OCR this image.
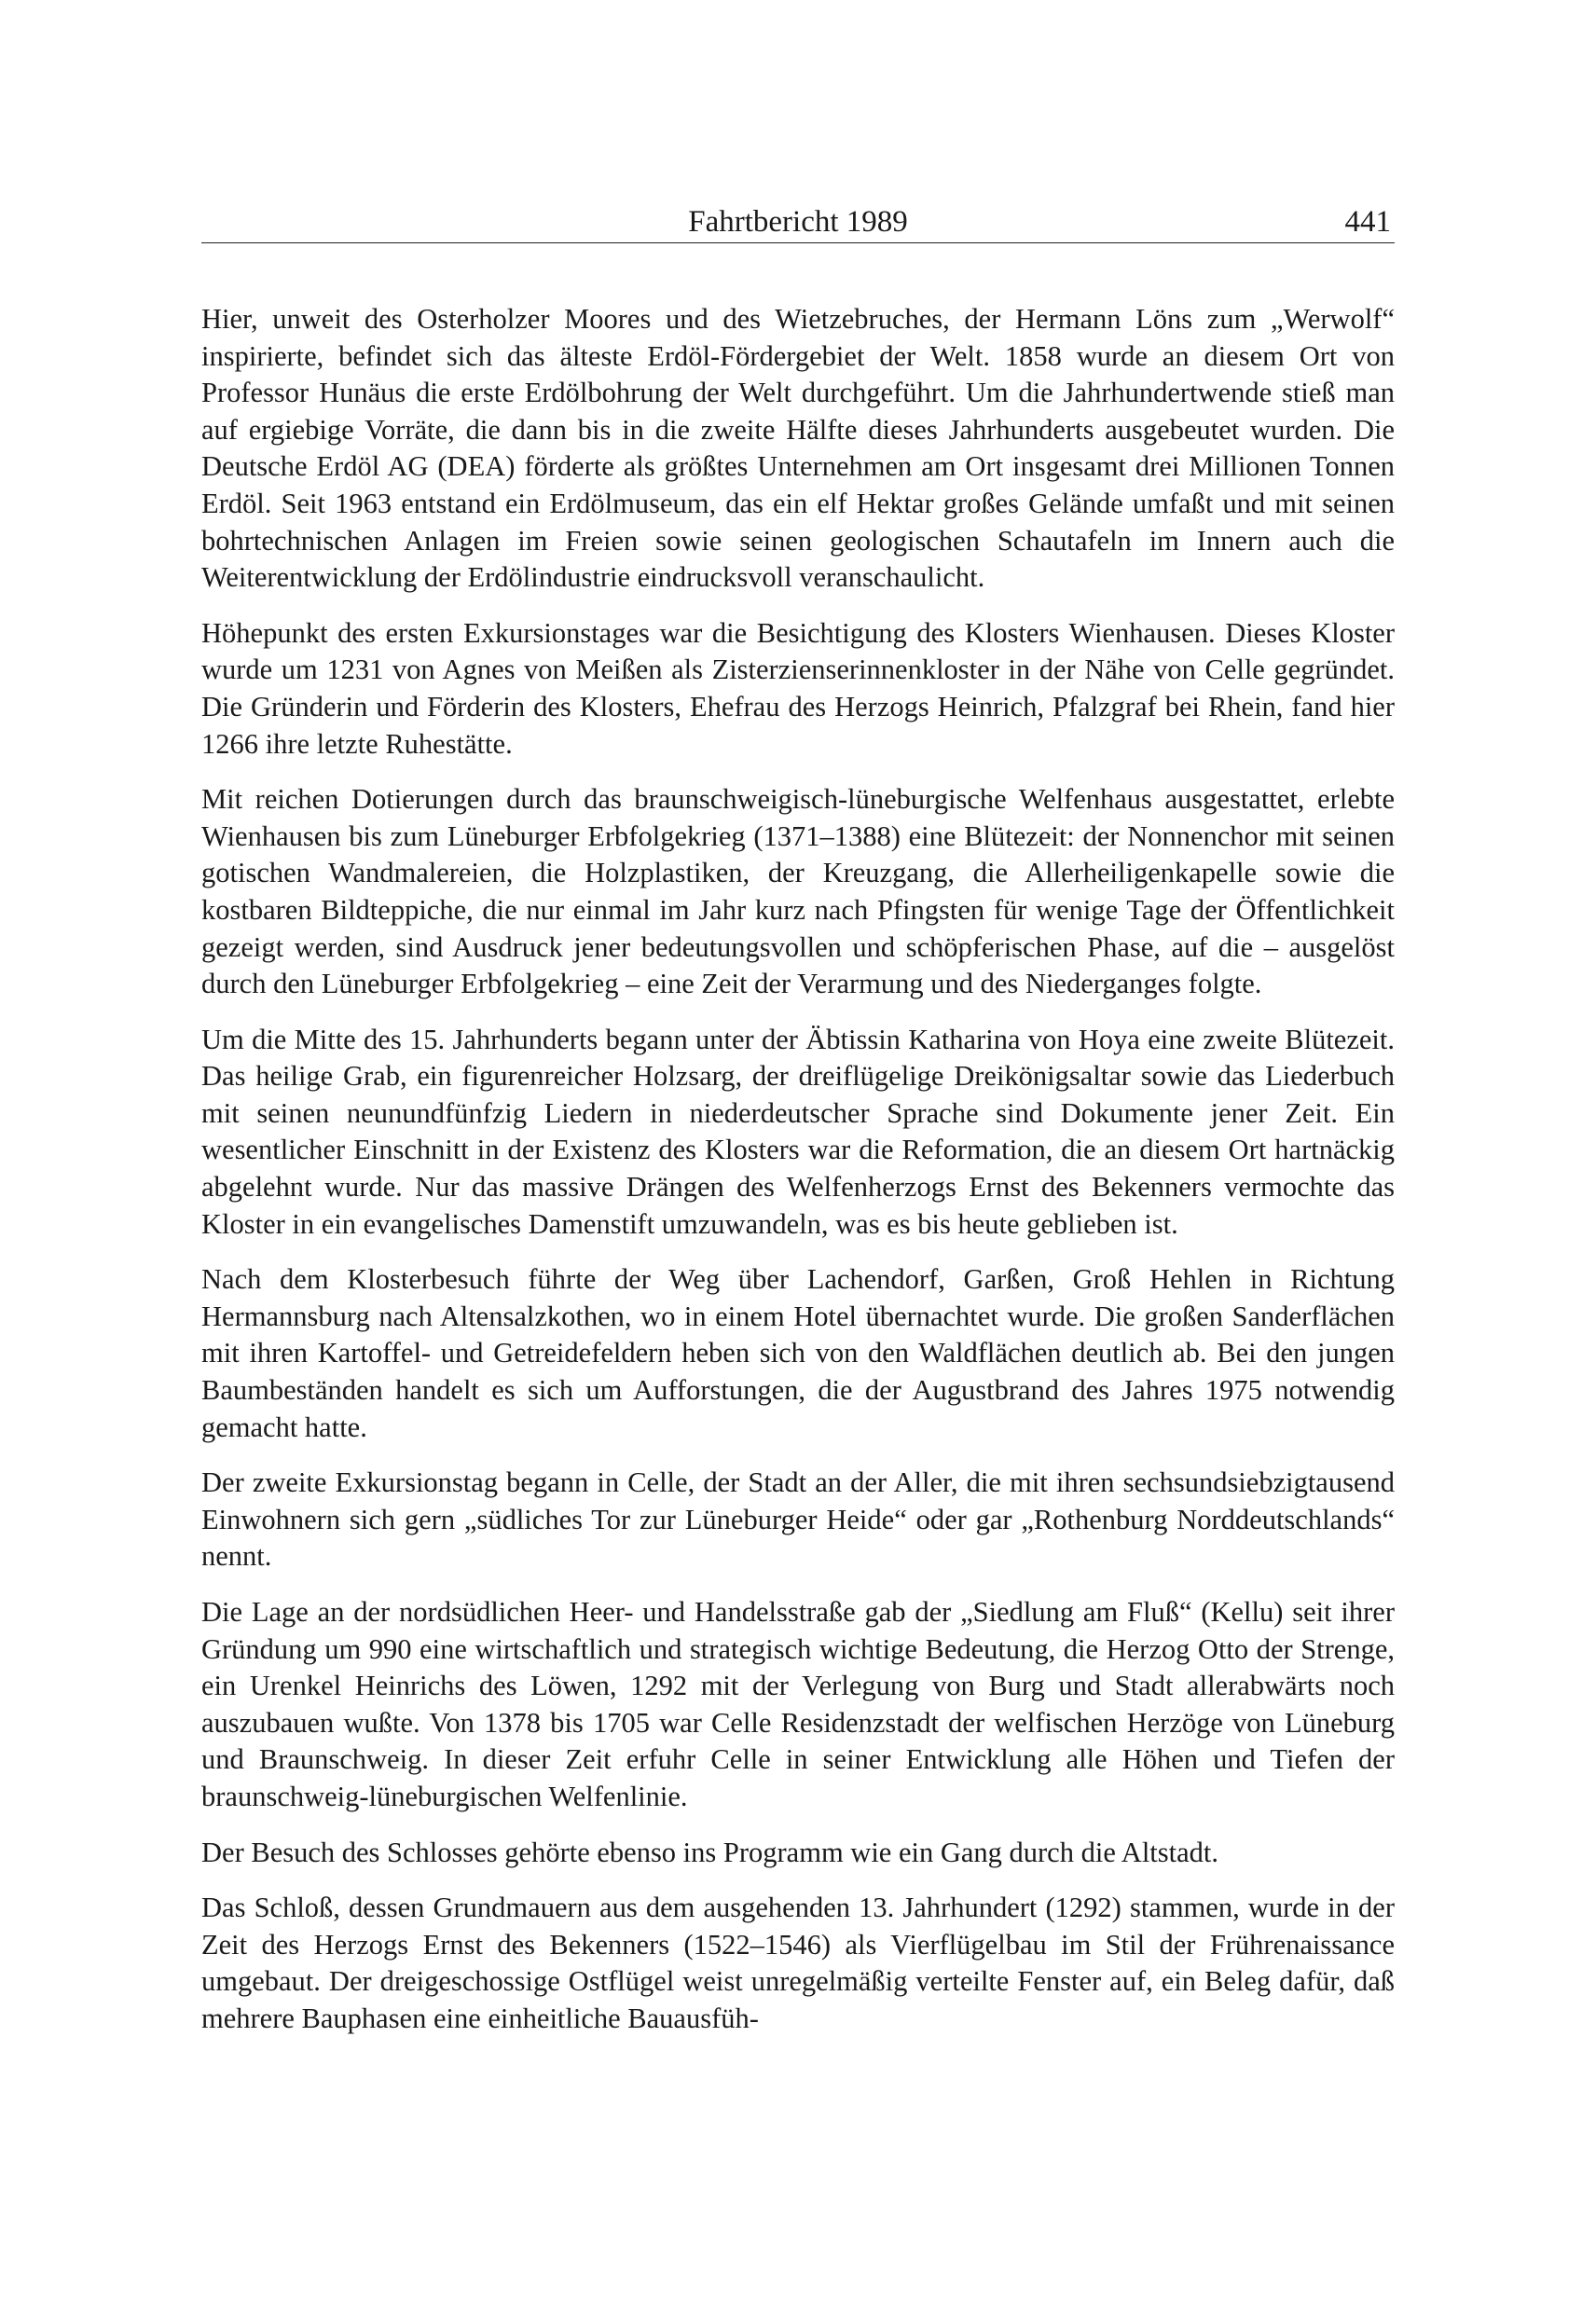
Fahrtbericht 1989	441

Hier, unweit des Osterholzer Moores und des Wietzebruches, der Hermann Löns zum „Werwolf“ inspirierte, befindet sich das älteste Erdöl-Fördergebiet der Welt. 1858 wurde an diesem Ort von Professor Hunäus die erste Erdölbohrung der Welt durchgeführt. Um die Jahrhundertwende stieß man auf ergiebige Vorräte, die dann bis in die zweite Hälfte dieses Jahrhunderts ausgebeutet wurden. Die Deutsche Erdöl AG (DEA) förderte als größtes Unternehmen am Ort insgesamt drei Millionen Tonnen Erdöl. Seit 1963 entstand ein Erdölmuseum, das ein elf Hektar großes Gelände umfaßt und mit seinen bohrtechnischen Anlagen im Freien sowie seinen geologischen Schautafeln im Innern auch die Weiterentwicklung der Erdölindustrie eindrucksvoll veranschaulicht.

Höhepunkt des ersten Exkursionstages war die Besichtigung des Klosters Wienhausen. Dieses Kloster wurde um 1231 von Agnes von Meißen als Zisterzienserinnenkloster in der Nähe von Celle gegründet. Die Gründerin und Förderin des Klosters, Ehefrau des Herzogs Heinrich, Pfalzgraf bei Rhein, fand hier 1266 ihre letzte Ruhestätte.

Mit reichen Dotierungen durch das braunschweigisch-lüneburgische Welfenhaus ausgestattet, erlebte Wienhausen bis zum Lüneburger Erbfolgekrieg (1371–1388) eine Blütezeit: der Nonnenchor mit seinen gotischen Wandmalereien, die Holzplastiken, der Kreuzgang, die Allerheiligenkapelle sowie die kostbaren Bildteppiche, die nur einmal im Jahr kurz nach Pfingsten für wenige Tage der Öffentlichkeit gezeigt werden, sind Ausdruck jener bedeutungsvollen und schöpferischen Phase, auf die – ausgelöst durch den Lüneburger Erbfolgekrieg – eine Zeit der Verarmung und des Niederganges folgte.

Um die Mitte des 15. Jahrhunderts begann unter der Äbtissin Katharina von Hoya eine zweite Blütezeit. Das heilige Grab, ein figurenreicher Holzsarg, der dreiflügelige Dreikönigsaltar sowie das Liederbuch mit seinen neunundfünfzig Liedern in niederdeutscher Sprache sind Dokumente jener Zeit. Ein wesentlicher Einschnitt in der Existenz des Klosters war die Reformation, die an diesem Ort hartnäckig abgelehnt wurde. Nur das massive Drängen des Welfenherzogs Ernst des Bekenners vermochte das Kloster in ein evangelisches Damenstift umzuwandeln, was es bis heute geblieben ist.

Nach dem Klosterbesuch führte der Weg über Lachendorf, Garßen, Groß Hehlen in Richtung Hermannsburg nach Altensalzkothen, wo in einem Hotel übernachtet wurde. Die großen Sanderflächen mit ihren Kartoffel- und Getreidefeldern heben sich von den Waldflächen deutlich ab. Bei den jungen Baumbeständen handelt es sich um Aufforstungen, die der Augustbrand des Jahres 1975 notwendig gemacht hatte.

Der zweite Exkursionstag begann in Celle, der Stadt an der Aller, die mit ihren sechsundsiebzigtausend Einwohnern sich gern „südliches Tor zur Lüneburger Heide“ oder gar „Rothenburg Norddeutschlands“ nennt.

Die Lage an der nordsüdlichen Heer- und Handelsstraße gab der „Siedlung am Fluß“ (Kellu) seit ihrer Gründung um 990 eine wirtschaftlich und strategisch wichtige Bedeutung, die Herzog Otto der Strenge, ein Urenkel Heinrichs des Löwen, 1292 mit der Verlegung von Burg und Stadt allerabwärts noch auszubauen wußte. Von 1378 bis 1705 war Celle Residenzstadt der welfischen Herzöge von Lüneburg und Braunschweig. In dieser Zeit erfuhr Celle in seiner Entwicklung alle Höhen und Tiefen der braunschweig-lüneburgischen Welfenlinie.

Der Besuch des Schlosses gehörte ebenso ins Programm wie ein Gang durch die Altstadt.

Das Schloß, dessen Grundmauern aus dem ausgehenden 13. Jahrhundert (1292) stammen, wurde in der Zeit des Herzogs Ernst des Bekenners (1522–1546) als Vierflügelbau im Stil der Frührenaissance umgebaut. Der dreigeschossige Ostflügel weist unregelmäßig verteilte Fenster auf, ein Beleg dafür, daß mehrere Bauphasen eine einheitliche Bauausfüh-
